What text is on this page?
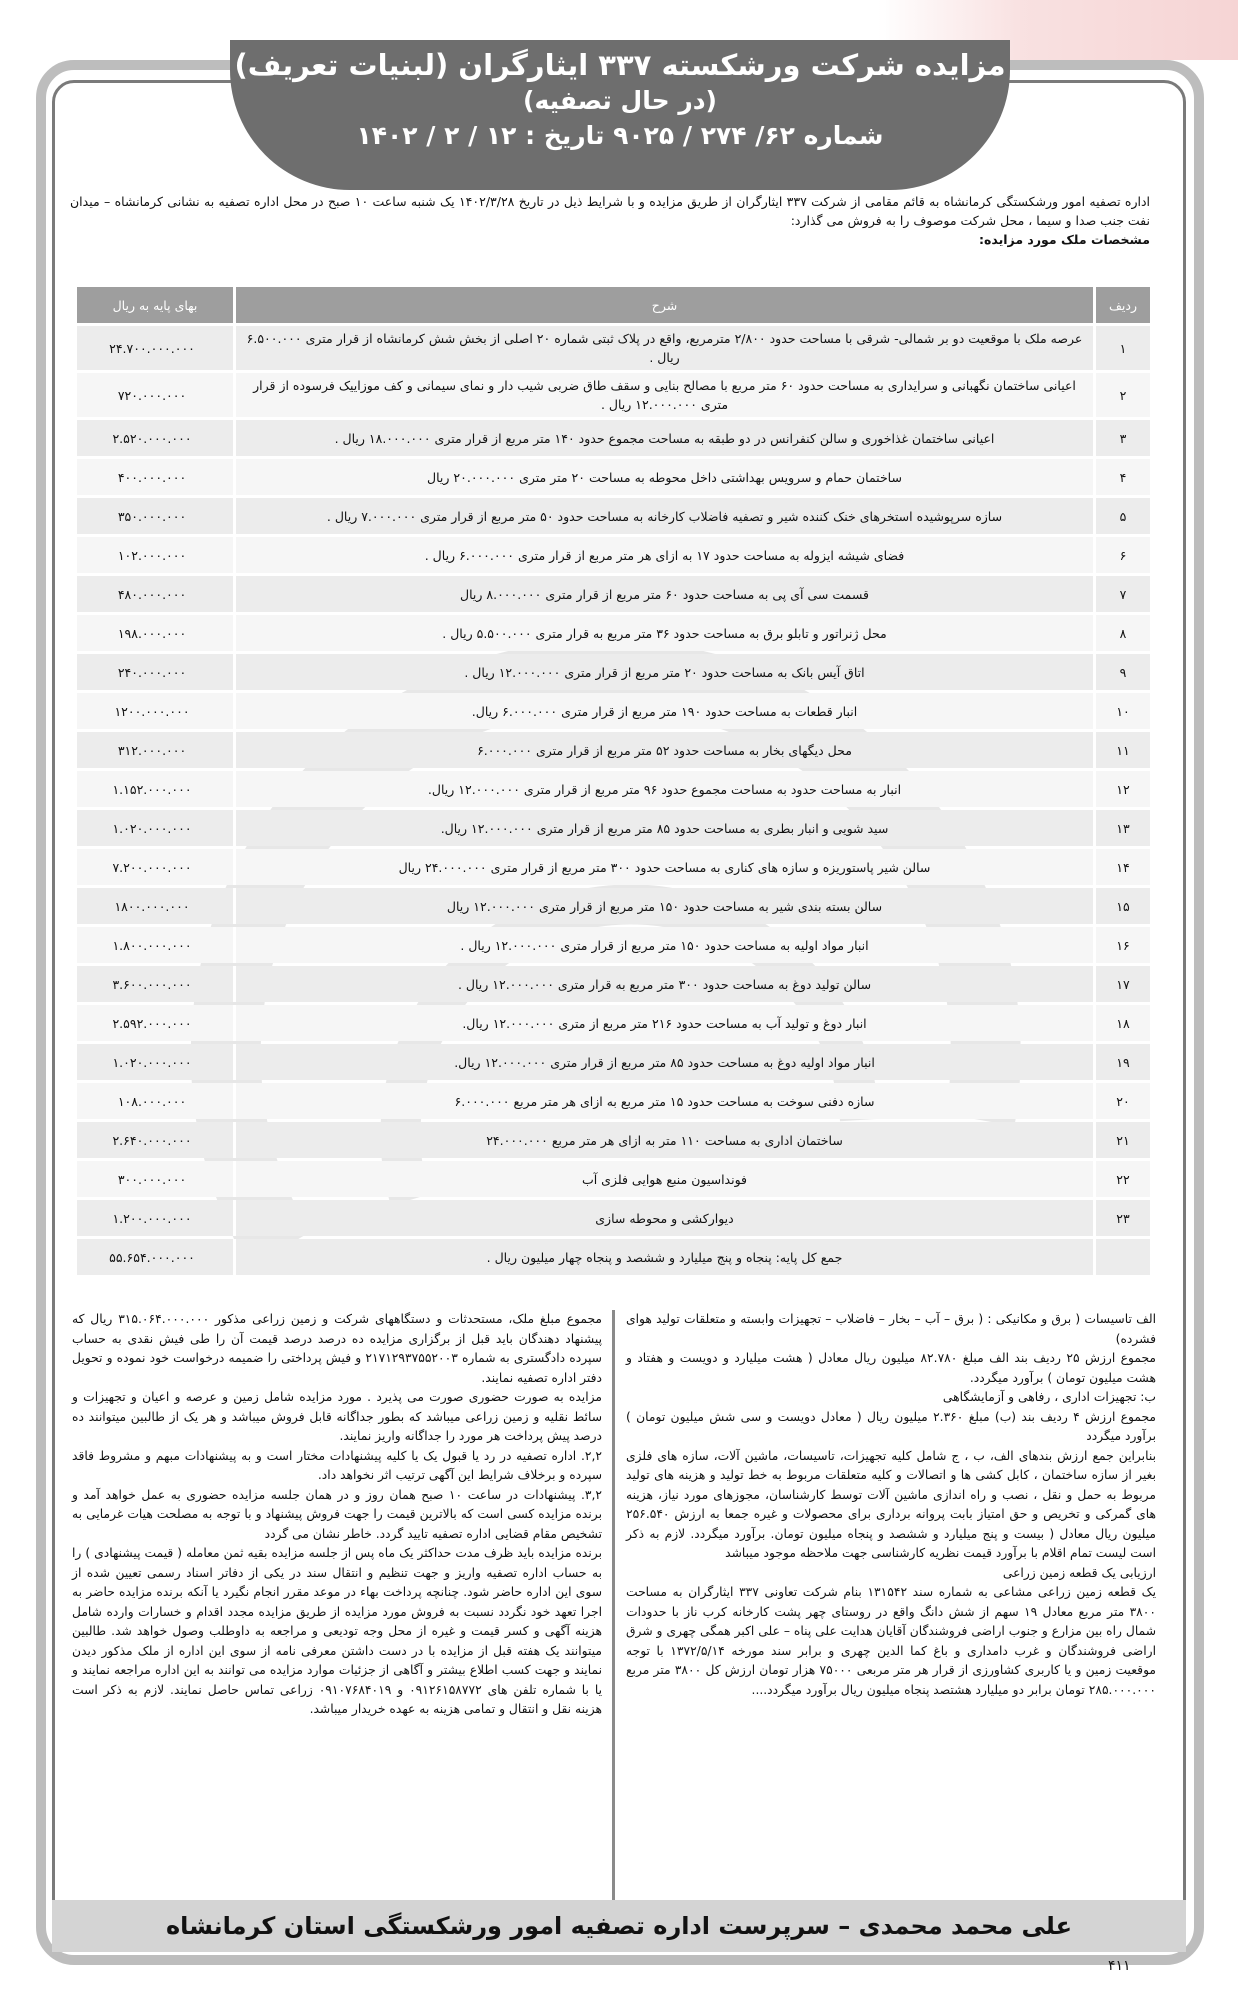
مزایده شرکت ورشکسته ۳۳۷ ایثارگران (لبنیات تعریف)
(در حال تصفیه)
شماره ۶۲/ ۲۷۴ / ۹۰۲۵ تاریخ : ۱۲ / ۲ / ۱۴۰۲
اداره تصفیه امور ورشکستگی کرمانشاه به قائم مقامی از شرکت ۳۳۷ ایثارگران از طریق مزایده و با شرایط ذیل در تاریخ ۱۴۰۲/۳/۲۸ یک شنبه ساعت ۱۰ صبح در محل اداره تصفیه به نشانی کرمانشاه – میدان نفت جنب صدا و سیما ، محل شرکت موصوف را به فروش می گذارد:
مشخصات ملک مورد مزایده:
ردیف	شرح	بهای پایه به ریال
۱	عرصه ملک با موقعیت دو بر شمالی- شرقی با مساحت حدود ۲/۸۰۰ مترمربع، واقع در پلاک ثبتی شماره ۲۰ اصلی از بخش شش کرمانشاه از قرار متری ۶.۵۰۰.۰۰۰ ریال .	۲۴.۷۰۰.۰۰۰.۰۰۰
۲	اعیانی ساختمان نگهبانی و سرایداری به مساحت حدود ۶۰ متر مربع با مصالح بنایی و سقف طاق ضربی شیب دار و نمای سیمانی و کف موزاییک فرسوده از قرار متری ۱۲.۰۰۰.۰۰۰ ریال .	۷۲۰.۰۰۰.۰۰۰
۳	اعیانی ساختمان غذاخوری و سالن کنفرانس در دو طبقه به مساحت مجموع حدود ۱۴۰ متر مربع از قرار متری ۱۸.۰۰۰.۰۰۰ ریال .	۲.۵۲۰.۰۰۰.۰۰۰
۴	ساختمان حمام و سرویس بهداشتی داخل محوطه به مساحت ۲۰ متر متری ۲۰.۰۰۰.۰۰۰ ریال	۴۰۰.۰۰۰.۰۰۰
۵	سازه سرپوشیده استخرهای خنک کننده شیر و تصفیه فاضلاب کارخانه به مساحت حدود ۵۰ متر مربع از قرار متری ۷.۰۰۰.۰۰۰ ریال .	۳۵۰.۰۰۰.۰۰۰
۶	فضای شیشه ایزوله به مساحت حدود ۱۷ به ازای هر متر مربع از قرار متری ۶.۰۰۰.۰۰۰ ریال .	۱۰۲.۰۰۰.۰۰۰
۷	قسمت سی آی پی به مساحت حدود ۶۰ متر مربع از قرار متری ۸.۰۰۰.۰۰۰ ریال	۴۸۰.۰۰۰.۰۰۰
۸	محل ژنراتور و تابلو برق به مساحت حدود ۳۶ متر مربع به قرار متری ۵.۵۰۰.۰۰۰ ریال .	۱۹۸.۰۰۰.۰۰۰
۹	اتاق آیس بانک به مساحت حدود ۲۰ متر مربع از قرار متری ۱۲.۰۰۰.۰۰۰ ریال .	۲۴۰.۰۰۰.۰۰۰
۱۰	انبار قطعات به مساحت حدود ۱۹۰ متر مربع از قرار متری ۶.۰۰۰.۰۰۰ ریال.	۱۲۰۰.۰۰۰.۰۰۰
۱۱	محل دیگهای بخار به مساحت حدود ۵۲ متر مربع از قرار متری ۶.۰۰۰.۰۰۰	۳۱۲.۰۰۰.۰۰۰
۱۲	انبار به مساحت حدود به مساحت مجموع حدود ۹۶ متر مربع از قرار متری ۱۲.۰۰۰.۰۰۰ ریال.	۱.۱۵۲.۰۰۰.۰۰۰
۱۳	سید شویی و انبار بطری به مساحت حدود ۸۵ متر مربع از قرار متری ۱۲.۰۰۰.۰۰۰ ریال.	۱.۰۲۰.۰۰۰.۰۰۰
۱۴	سالن شیر پاستوریزه و سازه های کناری به مساحت حدود ۳۰۰ متر مربع از قرار متری ۲۴.۰۰۰.۰۰۰ ریال	۷.۲۰۰.۰۰۰.۰۰۰
۱۵	سالن بسته بندی شیر به مساحت حدود ۱۵۰ متر مربع از قرار متری ۱۲.۰۰۰.۰۰۰ ریال	۱۸۰۰.۰۰۰.۰۰۰
۱۶	انبار مواد اولیه به مساحت حدود ۱۵۰ متر مربع از قرار متری ۱۲.۰۰۰.۰۰۰ ریال .	۱.۸۰۰.۰۰۰.۰۰۰
۱۷	سالن تولید دوغ به مساحت حدود ۳۰۰ متر مربع به قرار متری ۱۲.۰۰۰.۰۰۰ ریال .	۳.۶۰۰.۰۰۰.۰۰۰
۱۸	انبار دوغ و تولید آب به مساحت حدود ۲۱۶ متر مربع از متری ۱۲.۰۰۰.۰۰۰ ریال.	۲.۵۹۲.۰۰۰.۰۰۰
۱۹	انبار مواد اولیه دوغ به مساحت حدود ۸۵ متر مربع از قرار متری ۱۲.۰۰۰.۰۰۰ ریال.	۱.۰۲۰.۰۰۰.۰۰۰
۲۰	سازه دفنی سوخت به مساحت حدود ۱۵ متر مربع به ازای هر متر مربع ۶.۰۰۰.۰۰۰	۱۰۸.۰۰۰.۰۰۰
۲۱	ساختمان اداری به مساحت ۱۱۰ متر به ازای هر متر مربع ۲۴.۰۰۰.۰۰۰	۲.۶۴۰.۰۰۰.۰۰۰
۲۲	فونداسیون منبع هوایی فلزی آب	۳۰۰.۰۰۰.۰۰۰
۲۳	دیوارکشی و محوطه سازی	۱.۲۰۰.۰۰۰.۰۰۰
	جمع کل پایه: پنجاه و پنج میلیارد و ششصد و پنجاه چهار میلیون ریال .	۵۵.۶۵۴.۰۰۰.۰۰۰

الف تاسیسات ( برق و مکانیکی : ( برق – آب – بخار – فاضلاب – تجهیزات وابسته و متعلقات تولید هوای فشرده)

مجموع ارزش ۲۵ ردیف بند الف مبلغ ۸۲.۷۸۰ میلیون ریال معادل ( هشت میلیارد و دویست و هفتاد و هشت میلیون تومان ) برآورد میگردد.

ب: تجهیزات اداری ، رفاهی و آزمایشگاهی

مجموع ارزش ۴ ردیف بند (ب) مبلغ ۲.۳۶۰ میلیون ریال ( معادل دویست و سی شش میلیون تومان ) برآورد میگردد

بنابراین جمع ارزش بندهای الف، ب ، ج شامل کلیه تجهیزات، تاسیسات، ماشین آلات، سازه های فلزی بغیر از سازه ساختمان ، کابل کشی ها و اتصالات و کلیه متعلقات مربوط به خط تولید و هزینه های تولید مربوط به حمل و نقل ، نصب و راه اندازی ماشین آلات توسط کارشناسان، مجوزهای مورد نیاز، هزینه های گمرکی و تخریص و حق امتیاز بابت پروانه برداری برای محصولات و غیره جمعا به ارزش ۲۵۶.۵۴۰ میلیون ریال معادل ( بیست و پنج میلیارد و ششصد و پنجاه میلیون تومان. برآورد میگردد. لازم به ذکر است لیست تمام اقلام با برآورد قیمت نظریه کارشناسی جهت ملاحظه موجود میباشد

ارزیابی یک قطعه زمین زراعی

یک قطعه زمین زراعی مشاعی به شماره سند ۱۳۱۵۴۲ بنام شرکت تعاونی ۳۳۷ ایثارگران به مساحت ۳۸۰۰ متر مربع معادل ۱۹ سهم از شش دانگ واقع در روستای چهر پشت کارخانه کرب ناز با حدودات شمال راه بین مزارع و جنوب اراضی فروشندگان آقایان هدایت علی پناه – علی اکبر همگی چهری و شرق اراضی فروشندگان و غرب دامداری و باغ کما الدین چهری و برابر سند مورخه ۱۳۷۲/۵/۱۴ با توجه موقعیت زمین و یا کاربری کشاورزی از قرار هر متر مربعی ۷۵۰۰۰ هزار تومان ارزش کل ۳۸۰۰ متر مربع ۲۸۵.۰۰۰.۰۰۰ تومان برابر دو میلیارد هشتصد پنجاه میلیون ریال برآورد میگردد....

مجموع مبلغ ملک، مستحدثات و دستگاههای شرکت و زمین زراعی مذکور ۳۱۵.۰۶۴.۰۰۰.۰۰۰ ریال که پیشنهاد دهندگان باید قبل از برگزاری مزایده ده درصد درصد قیمت آن را طی فیش نقدی به حساب سپرده دادگستری به شماره ۲۱۷۱۲۹۳۷۵۵۲۰۰۳ و فیش پرداختی را ضمیمه درخواست خود نموده و تحویل دفتر اداره تصفیه نمایند.

مزایده به صورت حضوری صورت می پذیرد . مورد مزایده شامل زمین و عرصه و اعیان و تجهیزات و سائط نقلیه و زمین زراعی میباشد که بطور جداگانه قابل فروش میباشد و هر یک از طالبین میتوانند ده درصد پیش پرداخت هر مورد را جداگانه واریز نمایند.

۲,۲. اداره تصفیه در رد یا قبول یک یا کلیه پیشنهادات مختار است و به پیشنهادات مبهم و مشروط فاقد سپرده و برخلاف شرایط این آگهی ترتیب اثر نخواهد داد.

۳,۲. پیشنهادات در ساعت ۱۰ صبح همان روز و در همان جلسه مزایده حضوری به عمل خواهد آمد و برنده مزایده کسی است که بالاترین قیمت را جهت فروش پیشنهاد و با توجه به مصلحت هیات غرمایی به تشخیص مقام قضایی اداره تصفیه تایید گردد. خاطر نشان می گردد

برنده مزایده باید ظرف مدت حداکثر یک ماه پس از جلسه مزایده بقیه ثمن معامله ( قیمت پیشنهادی ) را به حساب اداره تصفیه واریز و جهت تنظیم و انتقال سند در یکی از دفاتر اسناد رسمی تعیین شده از سوی این اداره حاضر شود. چنانچه پرداخت بهاء در موعد مقرر انجام نگیرد یا آنکه برنده مزایده حاضر به اجرا تعهد خود نگردد نسبت به فروش مورد مزایده از طریق مزایده مجدد اقدام و خسارات وارده شامل هزینه آگهی و کسر قیمت و غیره از محل وجه تودیعی و مراجعه به داوطلب وصول خواهد شد. طالبین میتوانند یک هفته قبل از مزایده با در دست داشتن معرفی نامه از سوی این اداره از ملک مذکور دیدن نمایند و جهت کسب اطلاع بیشتر و آگاهی از جزئیات موارد مزایده می توانند به این اداره مراجعه نمایند و یا با شماره تلفن های ۰۹۱۲۶۱۵۸۷۷۲ و ۰۹۱۰۷۶۸۴۰۱۹ زراعی تماس حاصل نمایند. لازم به ذکر است هزینه نقل و انتقال و تمامی هزینه به عهده خریدار میباشد.

علی محمد محمدی – سرپرست اداره تصفیه امور ورشکستگی استان کرمانشاه
۴۱۱
